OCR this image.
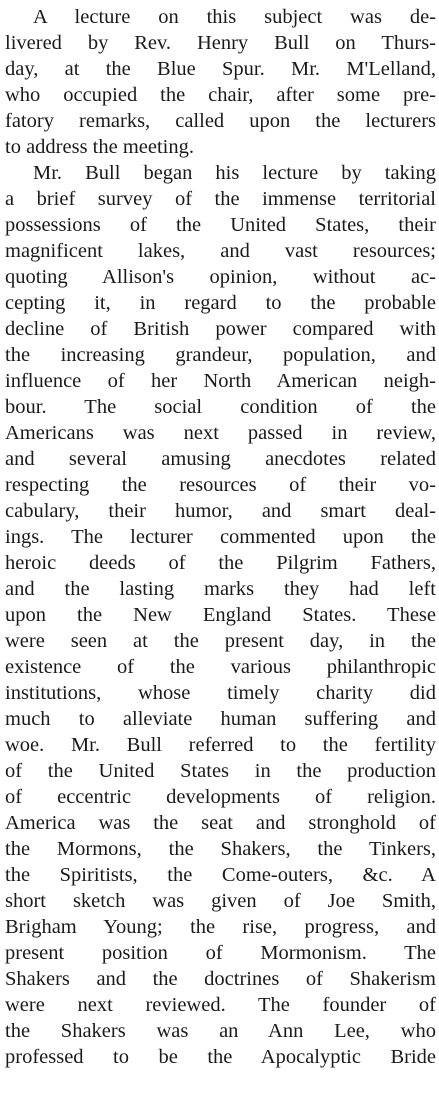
A lecture on this subject was de-
livered by Rev. Henry Bull on Thurs-
day, at the Blue Spur. Mr. M'Lelland,
who occupied the chair, after some pre-
fatory remarks, called upon the lecturers
to address the meeting.
Mr. Bull began his lecture by taking
a brief survey of the immense territorial
possessions of the United States, their
magnificent lakes, and vast resources;
quoting Allison's opinion, without ac-
cepting it, in regard to the probable
decline of British power compared with
the increasing grandeur, population, and
influence of her North American neigh-
bour. The social condition of the
Americans was next passed in review,
and several amusing anecdotes related
respecting the resources of their vo-
cabulary, their humor, and smart deal-
ings. The lecturer commented upon the
heroic deeds of the Pilgrim Fathers,
and the lasting marks they had left
upon the New England States. These
were seen at the present day, in the
existence of the various philanthropic
institutions, whose timely charity did
much to alleviate human suffering and
woe. Mr. Bull referred to the fertility
of the United States in the production
of eccentric developments of religion.
America was the seat and stronghold of
the Mormons, the Shakers, the Tinkers,
the Spiritists, the Come-outers, &c. A
short sketch was given of Joe Smith,
Brigham Young; the rise, progress, and
present position of Mormonism. The
Shakers and the doctrines of Shakerism
were next reviewed. The founder of
the Shakers was an Ann Lee, who
professed to be the Apocalyptic Bride
